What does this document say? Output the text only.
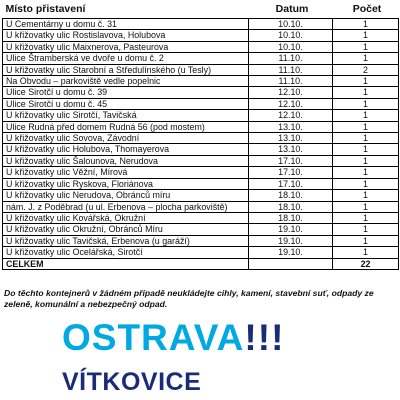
Místo přistavení	Datum	Počet
U Cementárny u domu č. 31	10.10.	1
U křižovatky ulic Rostislavova, Holubova	10.10.	1
U křižovatky ulic Maixnerova, Pasteurova	10.10.	1
Ulice Štramberská ve dvoře u domu č. 2	11.10.	1
U křižovatky ulic Starobní a Středulínského (u Tesly)	11.10.	2
Na Obvodu – parkoviště vedle popelnic	11.10.	1
Ulice Sirotčí u domu č. 39	12.10.	1
Ulice Sirotčí u domu č. 45	12.10.	1
U křižovatky ulic Sirotčí, Tavičská	12.10.	1
Ulice Rudná před domem Rudná 56 (pod mostem)	13.10.	1
U křižovatky ulic Sovova, Závodní	13.10.	1
U křižovatky ulic Holubova, Thomayerova	13.10.	1
U křižovatky ulic Šalounova, Nerudova	17.10.	1
U křižovatky ulic Věžní, Mírová	17.10.	1
U křižovatky ulic Ryskova, Floriánova	17.10.	1
U křižovatky ulic Nerudova, Obránců míru	18.10.	1
nám. J. z Poděbrad (u ul. Erbenova – plocha parkoviště)	18.10.	1
U křižovatky ulic Kovářská, Okružní	18.10.	1
U křižovatky ulic Okružní, Obránců Míru	19.10.	1
U křižovatky ulic Tavičská, Erbenova (u garáží)	19.10.	1
U křižovatky ulic Ocelářská, Sirotčí	19.10.	1
CELKEM		22
Do těchto kontejnerů v žádném případě neukládejte cihly, kamení, stavební suť, odpady ze zeleně, komunální a nebezpečný odpad.
OSTRAVA!!!
VÍTKOVICE
